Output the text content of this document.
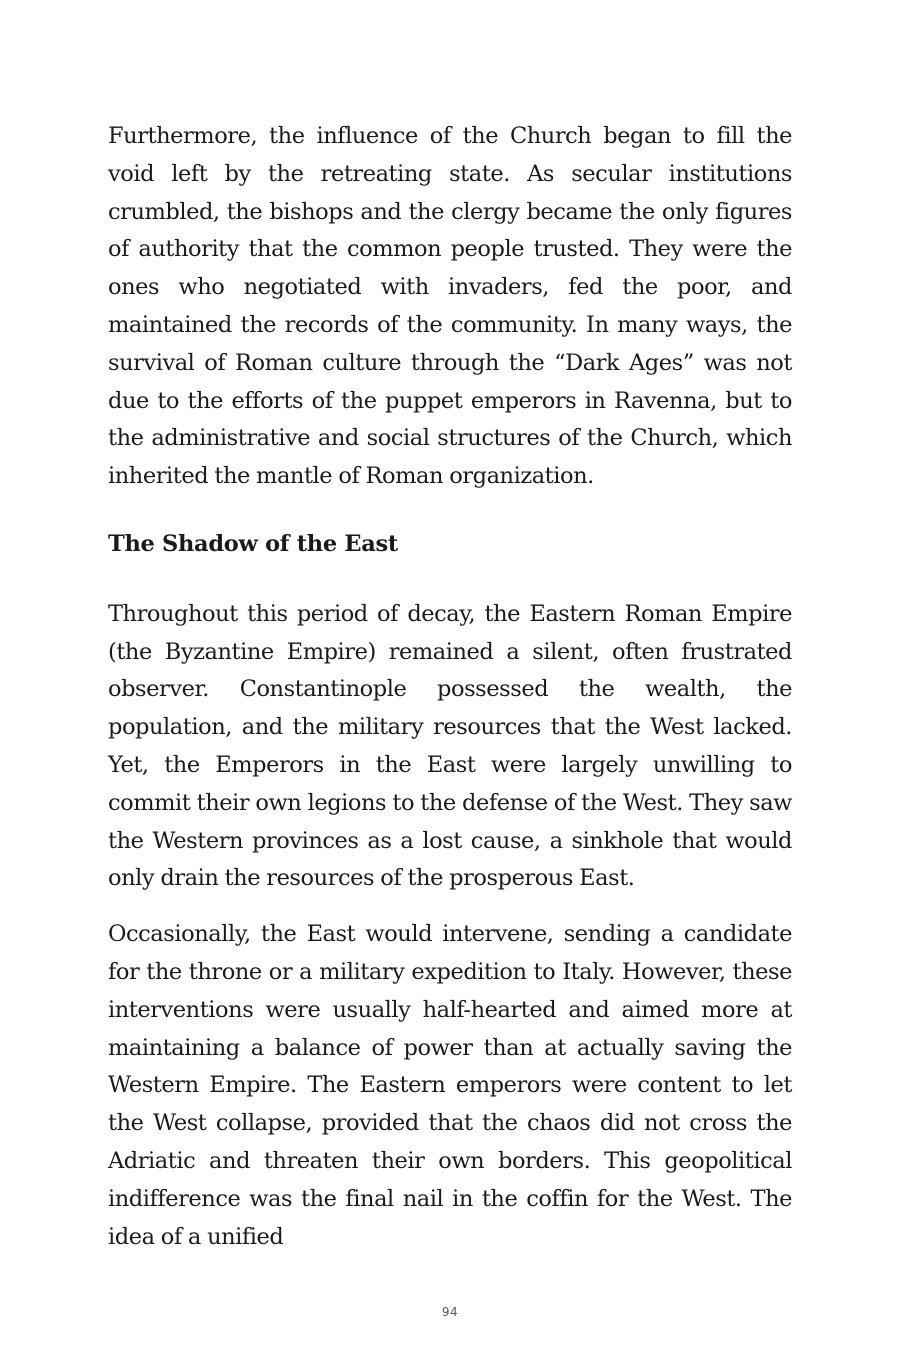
Furthermore, the influence of the Church began to fill the void left by the retreating state. As secular institutions crumbled, the bishops and the clergy became the only figures of authority that the common people trusted. They were the ones who negotiated with invaders, fed the poor, and maintained the records of the community. In many ways, the survival of Roman culture through the “Dark Ages” was not due to the efforts of the puppet emperors in Ravenna, but to the administrative and social structures of the Church, which inherited the mantle of Roman organization.

The Shadow of the East

Throughout this period of decay, the Eastern Roman Empire (the Byzantine Empire) remained a silent, often frustrated observer. Constantinople possessed the wealth, the population, and the military resources that the West lacked. Yet, the Emperors in the East were largely unwilling to commit their own legions to the defense of the West. They saw the Western provinces as a lost cause, a sinkhole that would only drain the resources of the prosperous East.

Occasionally, the East would intervene, sending a candidate for the throne or a military expedition to Italy. However, these interventions were usually half-hearted and aimed more at maintaining a balance of power than at actually saving the Western Empire. The Eastern emperors were content to let the West collapse, provided that the chaos did not cross the Adriatic and threaten their own borders. This geopolitical indifference was the final nail in the coffin for the West. The idea of a unified

94
